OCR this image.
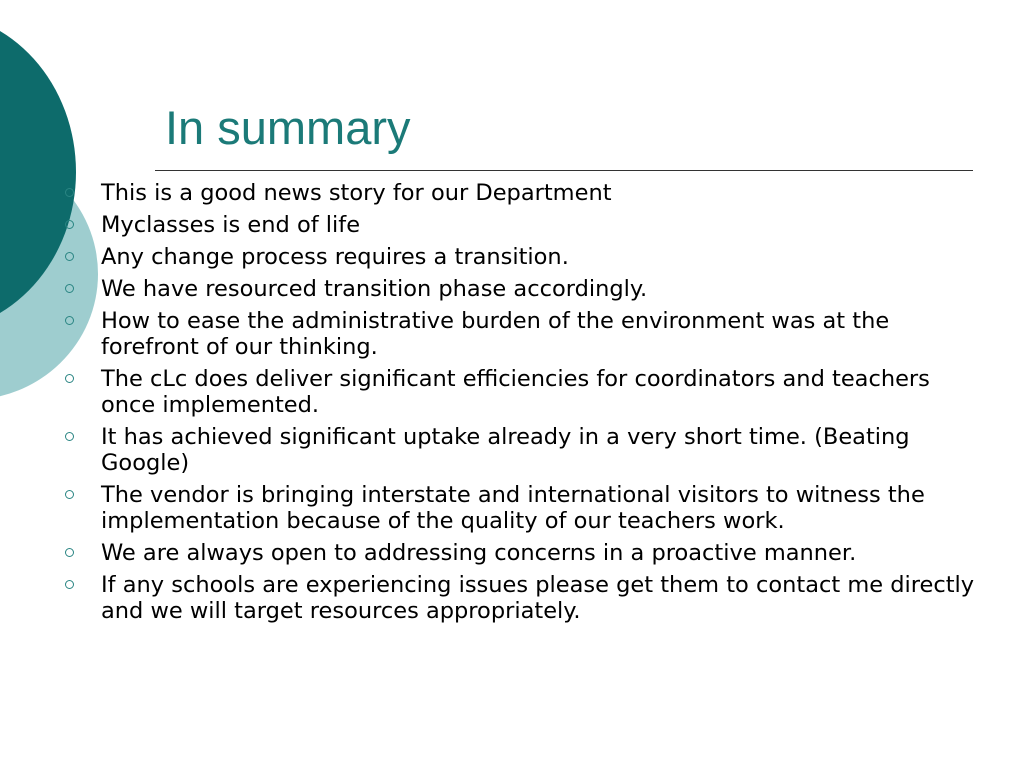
In summary
This is a good news story for our Department
Myclasses is end of life
Any change process requires a transition.
We have resourced transition phase accordingly.
How to ease the administrative burden of the environment was at the forefront of our thinking.
The cLc does deliver significant efficiencies for coordinators and teachers once implemented.
It has achieved significant uptake already in a very short time. (Beating Google)
The vendor is bringing interstate and international visitors to witness the implementation because of the quality of our teachers work.
We are always open to addressing concerns in a proactive manner.
If any schools are experiencing issues please get them to contact me directly and we will target resources appropriately.
